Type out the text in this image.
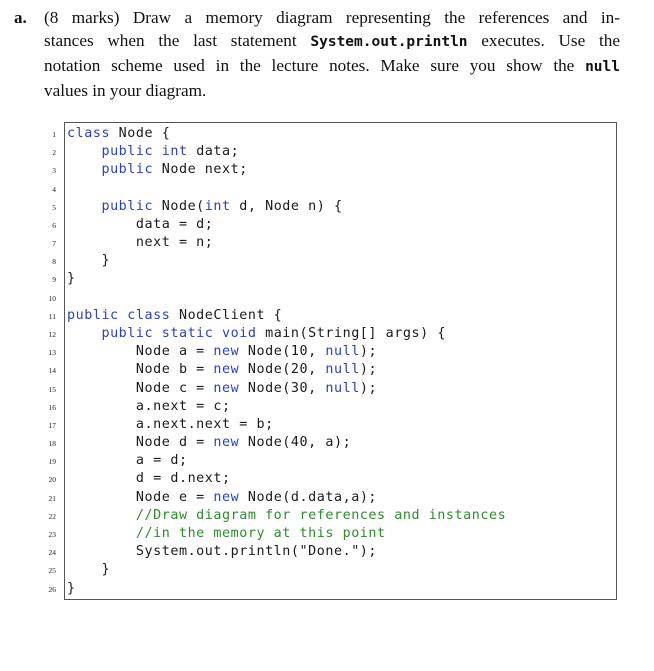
a. (8 marks) Draw a memory diagram representing the references and in-
stances when the last statement System.out.println executes. Use the
notation scheme used in the lecture notes. Make sure you show the null
values in your diagram.
1
2
3
4
5
6
7
8
9
10
11
12
13
14
15
16
17
18
19
20
21
22
23
24
25
26
class Node {
public int data;
public Node next;
public Node(int d, Node n) {
data = d;
next = n;
}
}
public class NodeClient {
public static void main(String[] args) {
Node a = new Node(10, null);
Node b = new Node(20, null);
Node c = new Node(30, null);
a.next = c;
a.next.next = b;
Node d = new Node(40, a);
a = d;
d = d.next;
Node e = new Node(d.data,a);
//Draw diagram for references and instances
//in the memory at this point
System.out.println("Done.");
}
}
